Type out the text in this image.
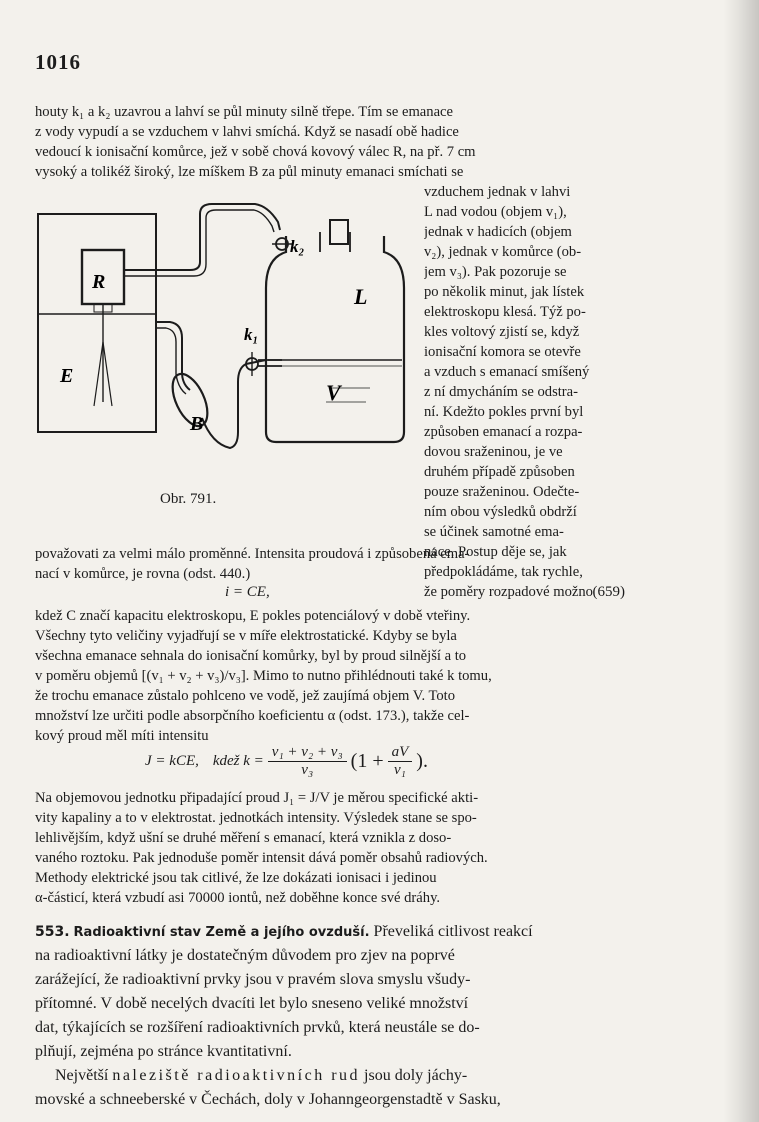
1016
houty k₁ a k₂ uzavrou a lahví se půl minuty silně třepe. Tím se emanace
z vody vypudí a se vzduchem v lahvi smíchá. Když se nasadí obě hadice
vedoucí k ionisační komůrce, jež v sobě chová kovový válec R, na př. 7 cm
vysoký a tolikéž široký, lze míškem B za půl minuty emanaci smíchati se
vzduchem jednak v lahvi
L nad vodou (objem v₁),
jednak v hadicích (objem
v₂), jednak v komůrce (ob-
jem v₃). Pak pozoruje se
po několik minut, jak lístek
elektroskopu klesá. Týž po-
kles voltový zjistí se, když
ionisační komora se otevře
a vzduch s emanací smíšený
z ní dmycháním se odstra-
ní. Kdežto pokles první byl
způsoben emanací a rozpa-
dovou sraženinou, je ve
druhém případě způsoben
pouze sraženinou. Odečte-
ním obou výsledků obdrží
se účinek samotné ema-
nace. Postup děje se, jak
předpokládáme, tak rychle,
že poměry rozpadové možno
R
E
B
L
V
k₁
k₂
Obr. 791.
považovati za velmi málo proměnné. Intensita proudová i způsobená ema-
nací v komůrce, je rovna (odst. 440.)
i = CE,	(659)
kdež C značí kapacitu elektroskopu, E pokles potenciálový v době vteřiny.
Všechny tyto veličiny vyjadřují se v míře elektrostatické. Kdyby se byla
všechna emanace sehnala do ionisační komůrky, byl by proud silnější a to
v poměru objemů [(v₁ + v₂ + v₃)/v₃]. Mimo to nutno přihlédnouti také k tomu,
že trochu emanace zůstalo pohlceno ve vodě, jež zaujímá objem V. Toto
množství lze určiti podle absorpčního koeficientu α (odst. 173.), takže cel-
kový proud měl míti intensitu
J = kCE, kdež $k = \frac{\text{v₁ + v₂ + v₃}}{\text{v₃}} (1 + \frac{aV}{\text{v₁}}$ ).
Na objemovou jednotku připadající proud J₁ = J/V je měrou specifické akti-
vity kapaliny a to v elektrostat. jednotkách intensity. Výsledek stane se spo-
lehlivějším, když ušní se druhé měření s emanací, která vznikla z doso-
vaného roztoku. Pak jednoduše poměr intensit dává poměr obsahů radiových.
Methody elektrické jsou tak citlivé, že lze dokázati ionisaci i jedinou
α-částicí, která vzbudí asi 70000 iontů, než doběhne konce své dráhy.
553. Radioaktivní stav Země a jejího ovzduší. Převeliká citlivost reakcí
na radioaktivní látky je dostatečným důvodem pro zjev na poprvé
zarážející, že radioaktivní prvky jsou v pravém slova smyslu všudy-
přítomné. V době necelých dvacíti let bylo sneseno veliké množství
dat, týkajících se rozšíření radioaktivních prvků, která neustále se do-
plňují, zejména po stránce kvantitativní.
Největší naleziště radioaktivních rud jsou doly jáchy-
movské a schneeberské v Čechách, doly v Johanngeorgenstadtě v Sasku,
